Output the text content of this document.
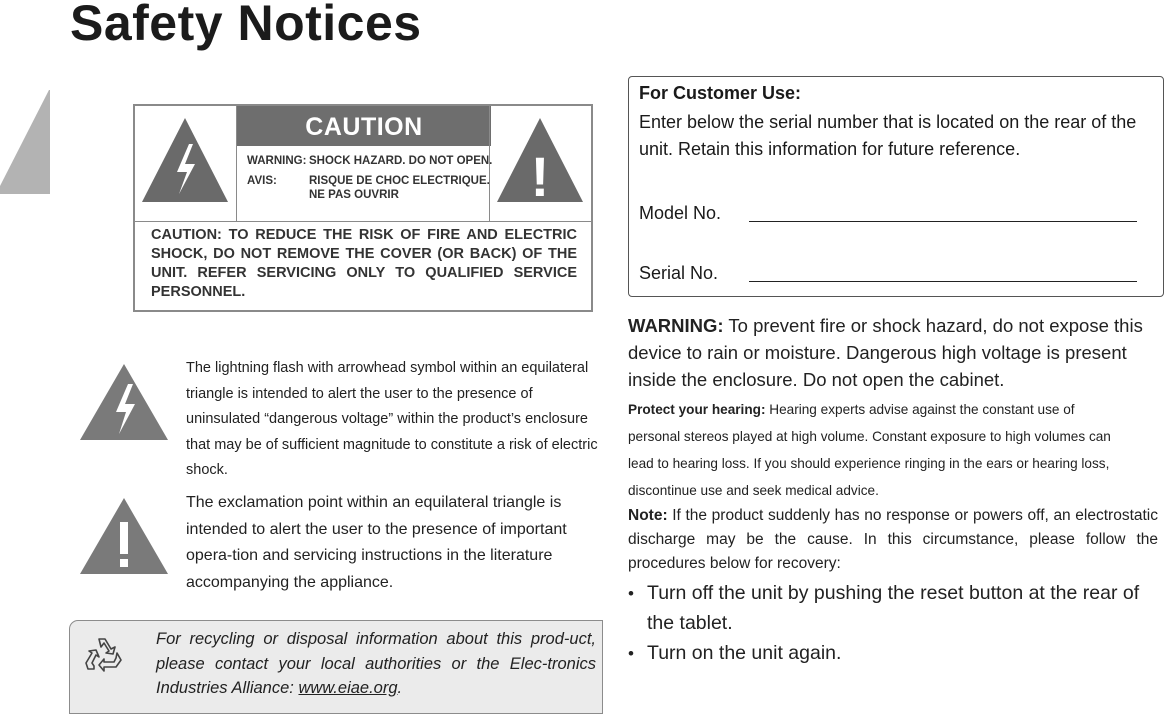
Safety Notices
CAUTION
WARNING: SHOCK HAZARD. DO NOT OPEN.
AVIS:	RISQUE DE CHOC ELECTRIQUE.
NE PAS OUVRIR	!
CAUTION: TO REDUCE THE RISK OF FIRE AND ELECTRIC SHOCK, DO NOT REMOVE THE COVER (OR BACK) OF THE UNIT. REFER SERVICING ONLY TO QUALIFIED SERVICE PERSONNEL.
The lightning flash with arrowhead symbol within an equilateral triangle is intended to alert the user to the presence of uninsulated “dangerous voltage” within the product’s enclosure that may be of sufficient magnitude to constitute a risk of electric shock.
The exclamation point within an equilateral triangle is intended to alert the user to the presence of important opera-tion and servicing instructions in the literature accompanying the appliance.
For recycling or disposal information about this prod-uct, please contact your local authorities or the Elec-tronics Industries Alliance: www.eiae.org.
For Customer Use:
Enter below the serial number that is located on the rear of the unit. Retain this information for future reference.
Model No.
Serial No.
WARNING: To prevent fire or shock hazard, do not expose this device to rain or moisture. Dangerous high voltage is present inside the enclosure. Do not open the cabinet.
Protect your hearing: Hearing experts advise against the constant use of personal stereos played at high volume. Constant exposure to high volumes can lead to hearing loss. If you should experience ringing in the ears or hearing loss, discontinue use and seek medical advice.
Note: If the product suddenly has no response or powers off, an electrostatic discharge may be the cause. In this circumstance, please follow the procedures below for recovery:
• Turn off the unit by pushing the reset button at the rear of the tablet.
• Turn on the unit again.
